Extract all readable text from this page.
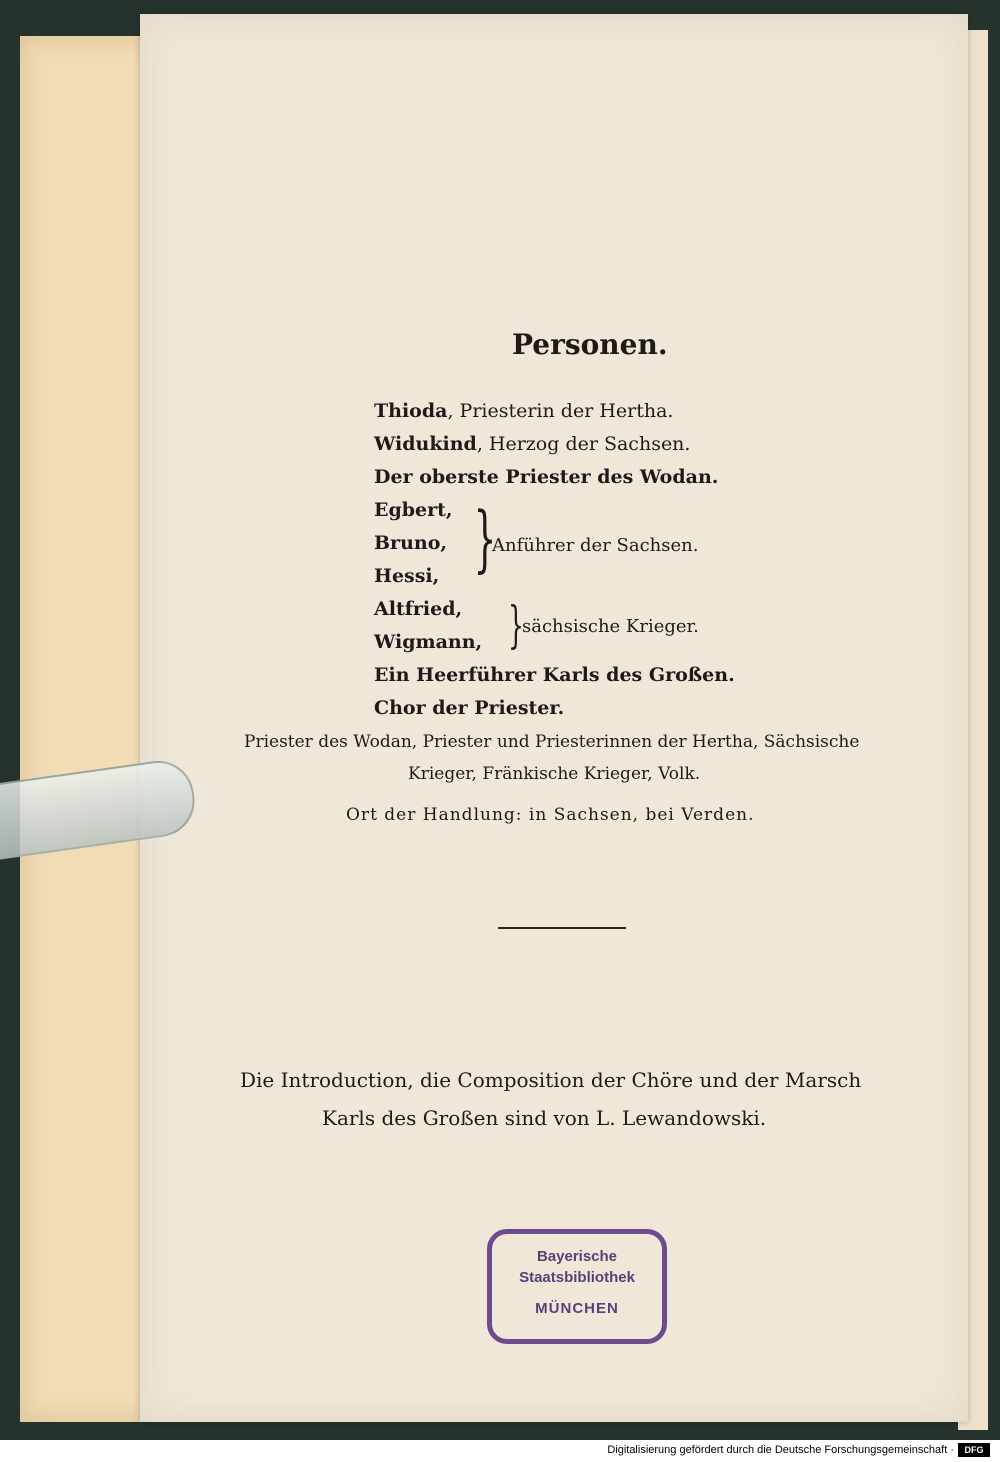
Personen.
Thioda, Priesterin der Hertha.
Widukind, Herzog der Sachsen.
Der oberste Priester des Wodan.
Egbert,
Bruno,
Hessi, }
Anführer der Sachsen.
Altfried,
Wigmann, }
sächsische Krieger.
Ein Heerführer Karls des Großen.
Chor der Priester.
Priester des Wodan, Priester und Priesterinnen der Hertha, Sächsische
Krieger, Fränkische Krieger, Volk.
Ort der Handlung: in Sachsen, bei Verden.
Die Introduction, die Composition der Chöre und der Marsch
Karls des Großen sind von L. Lewandowski.
Bayerische
Staatsbibliothek
MÜNCHEN
Digitalisierung gefördert durch die Deutsche Forschungsgemeinschaft ·	DFG
